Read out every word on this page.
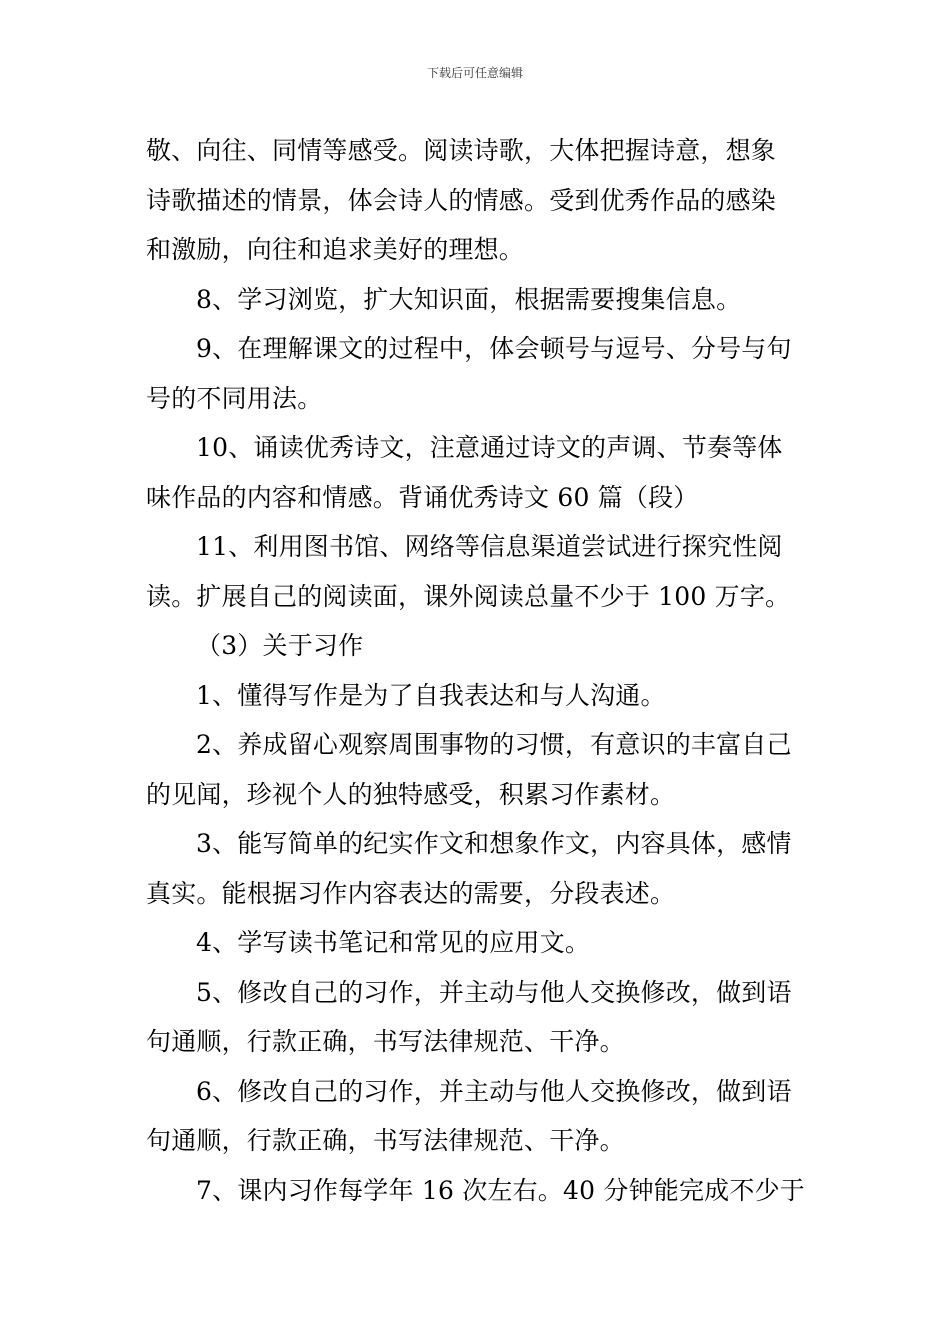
下载后可任意编辑

敬、向往、同情等感受。阅读诗歌，大体把握诗意，想象

诗歌描述的情景，体会诗人的情感。受到优秀作品的感染

和激励，向往和追求美好的理想。

8、学习浏览，扩大知识面，根据需要搜集信息。

9、在理解课文的过程中，体会顿号与逗号、分号与句

号的不同用法。

10、诵读优秀诗文，注意通过诗文的声调、节奏等体

味作品的内容和情感。背诵优秀诗文 60 篇（段）

11、利用图书馆、网络等信息渠道尝试进行探究性阅

读。扩展自己的阅读面，课外阅读总量不少于 100 万字。

（3）关于习作

1、懂得写作是为了自我表达和与人沟通。

2、养成留心观察周围事物的习惯，有意识的丰富自己

的见闻，珍视个人的独特感受，积累习作素材。

3、能写简单的纪实作文和想象作文，内容具体，感情

真实。能根据习作内容表达的需要，分段表述。

4、学写读书笔记和常见的应用文。

5、修改自己的习作，并主动与他人交换修改，做到语

句通顺，行款正确，书写法律规范、干净。

6、修改自己的习作，并主动与他人交换修改，做到语

句通顺，行款正确，书写法律规范、干净。

7、课内习作每学年 16 次左右。40 分钟能完成不少于
